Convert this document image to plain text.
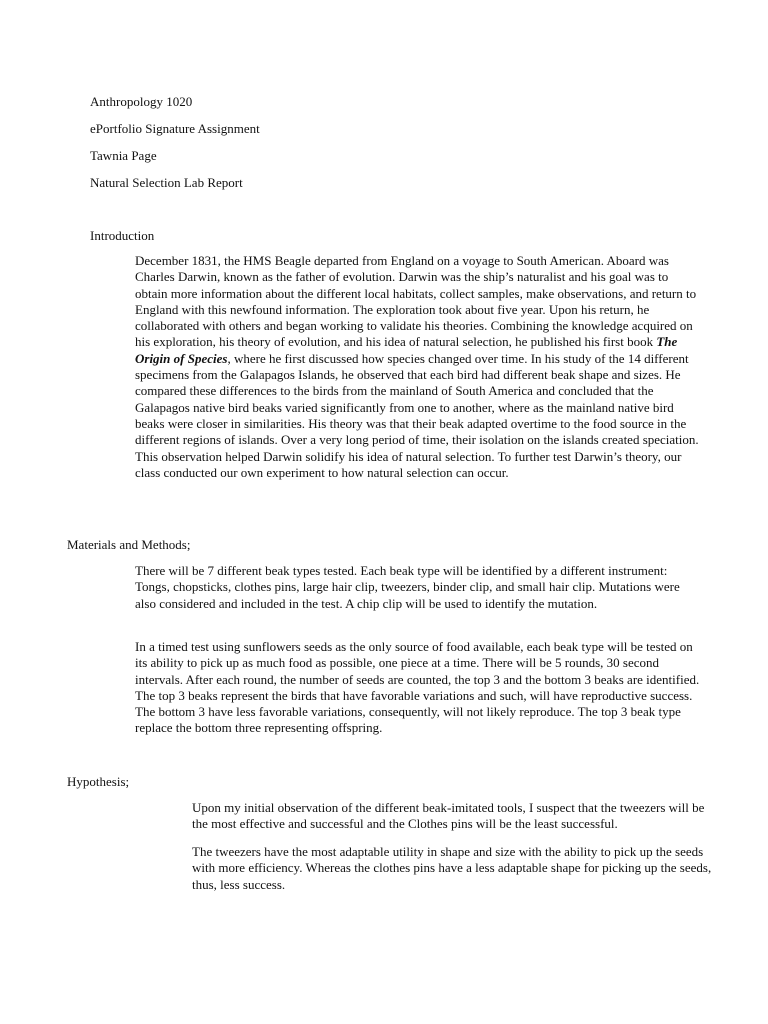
Anthropology 1020

ePortfolio Signature Assignment

Tawnia Page

Natural Selection Lab Report

Introduction

December 1831, the HMS Beagle departed from England on a voyage to South American. Aboard was Charles Darwin, known as the father of evolution. Darwin was the ship’s naturalist and his goal was to obtain more information about the different local habitats, collect samples, make observations, and return to England with this newfound information. The exploration took about five year. Upon his return, he collaborated with others and began working to validate his theories. Combining the knowledge acquired on his exploration, his theory of evolution, and his idea of natural selection, he published his first book The Origin of Species, where he first discussed how species changed over time. In his study of the 14 different specimens from the Galapagos Islands, he observed that each bird had different beak shape and sizes. He compared these differences to the birds from the mainland of South America and concluded that the Galapagos native bird beaks varied significantly from one to another, where as the mainland native bird beaks were closer in similarities. His theory was that their beak adapted overtime to the food source in the different regions of islands. Over a very long period of time, their isolation on the islands created speciation. This observation helped Darwin solidify his idea of natural selection. To further test Darwin’s theory, our class conducted our own experiment to how natural selection can occur.

Materials and Methods;

There will be 7 different beak types tested. Each beak type will be identified by a different instrument: Tongs, chopsticks, clothes pins, large hair clip, tweezers, binder clip, and small hair clip. Mutations were also considered and included in the test. A chip clip will be used to identify the mutation.

In a timed test using sunflowers seeds as the only source of food available, each beak type will be tested on its ability to pick up as much food as possible, one piece at a time. There will be 5 rounds, 30 second intervals. After each round, the number of seeds are counted, the top 3 and the bottom 3 beaks are identified. The top 3 beaks represent the birds that have favorable variations and such, will have reproductive success. The bottom 3 have less favorable variations, consequently, will not likely reproduce. The top 3 beak type replace the bottom three representing offspring.

Hypothesis;

Upon my initial observation of the different beak-imitated tools, I suspect that the tweezers will be the most effective and successful and the Clothes pins will be the least successful.

The tweezers have the most adaptable utility in shape and size with the ability to pick up the seeds with more efficiency. Whereas the clothes pins have a less adaptable shape for picking up the seeds, thus, less success.
